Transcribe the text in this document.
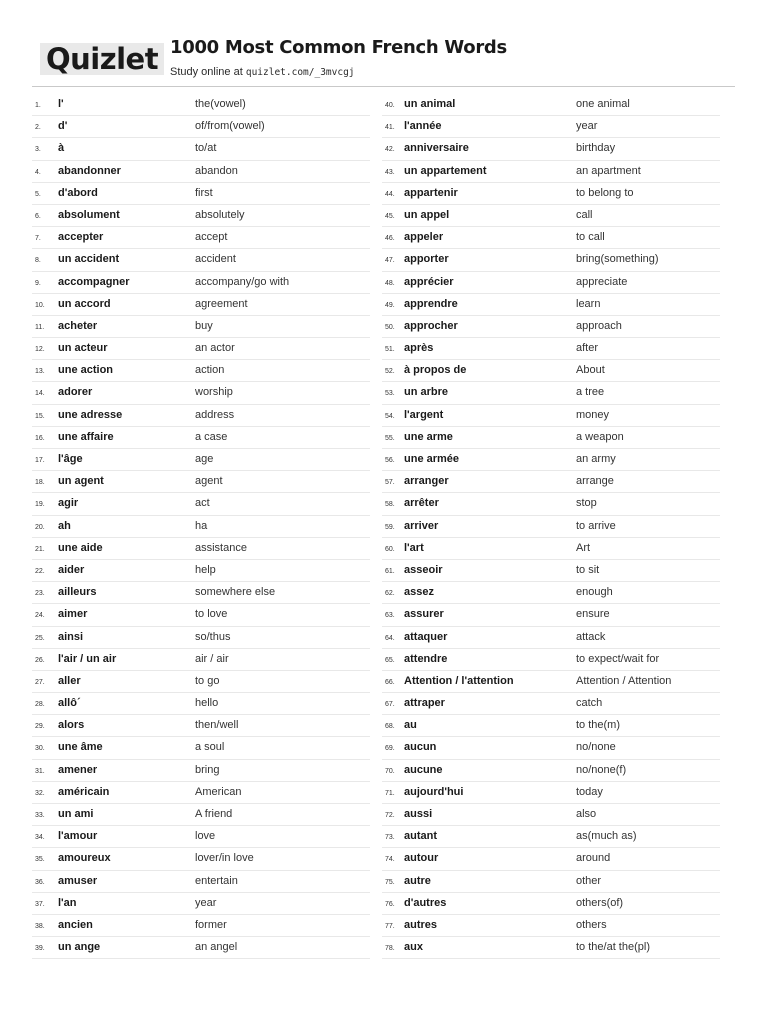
Quizlet 1000 Most Common French Words
Study online at quizlet.com/_3mvcgj
1. l'	the(vowel)
2. d'	of/from(vowel)
3. à	to/at
4. abandonner	abandon
5. d'abord	first
6. absolument	absolutely
7. accepter	accept
8. un accident	accident
9. accompagner	accompany/go with
10. un accord	agreement
11. acheter	buy
12. un acteur	an actor
13. une action	action
14. adorer	worship
15. une adresse	address
16. une affaire	a case
17. l'âge	age
18. un agent	agent
19. agir	act
20. ah	ha
21. une aide	assistance
22. aider	help
23. ailleurs	somewhere else
24. aimer	to love
25. ainsi	so/thus
26. l'air / un air	air / air
27. aller	to go
28. allô´	hello
29. alors	then/well
30. une âme	a soul
31. amener	bring
32. américain	American
33. un ami	A friend
34. l'amour	love
35. amoureux	lover/in love
36. amuser	entertain
37. l'an	year
38. ancien	former
39. un ange	an angel
40. un animal	one animal
41. l'année	year
42. anniversaire	birthday
43. un appartement	an apartment
44. appartenir	to belong to
45. un appel	call
46. appeler	to call
47. apporter	bring(something)
48. apprécier	appreciate
49. apprendre	learn
50. approcher	approach
51. après	after
52. à propos de	About
53. un arbre	a tree
54. l'argent	money
55. une arme	a weapon
56. une armée	an army
57. arranger	arrange
58. arrêter	stop
59. arriver	to arrive
60. l'art	Art
61. asseoir	to sit
62. assez	enough
63. assurer	ensure
64. attaquer	attack
65. attendre	to expect/wait for
66. Attention / l'attention	Attention / Attention
67. attraper	catch
68. au	to the(m)
69. aucun	no/none
70. aucune	no/none(f)
71. aujourd'hui	today
72. aussi	also
73. autant	as(much as)
74. autour	around
75. autre	other
76. d'autres	others(of)
77. autres	others
78. aux	to the/at the(pl)
